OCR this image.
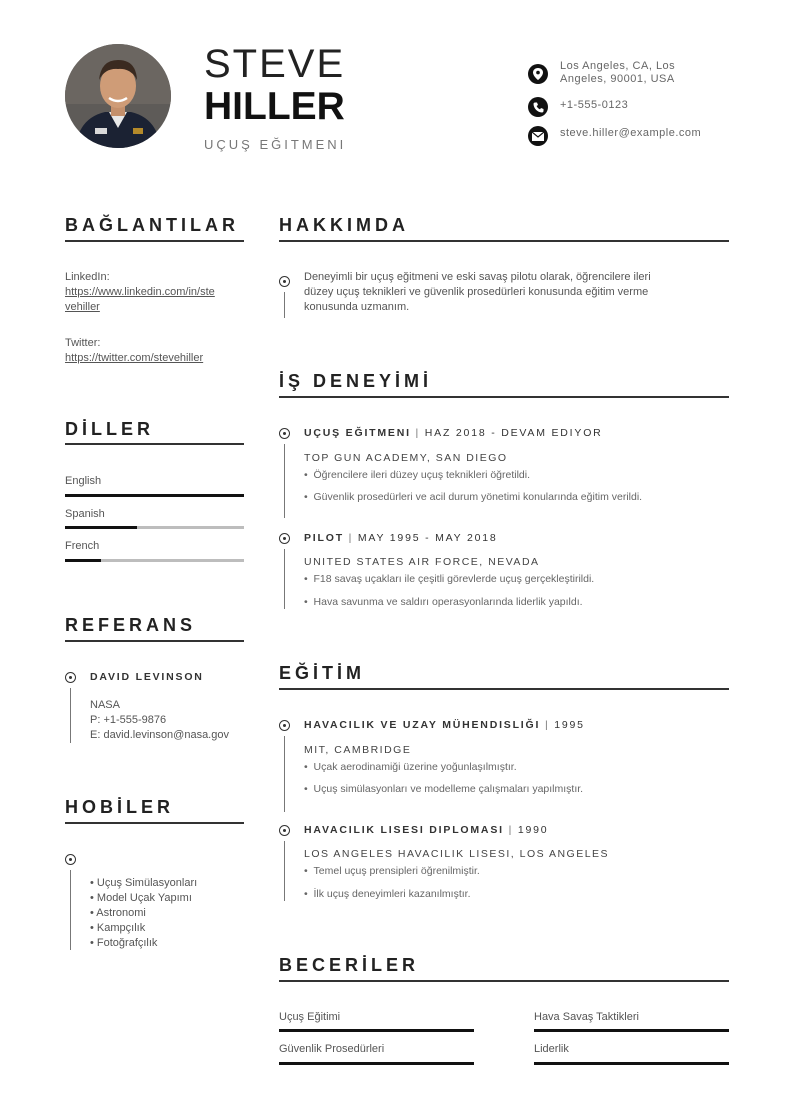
STEVE
HILLER
UÇUŞ EĞITMENI
Los Angeles, CA, Los
Angeles, 90001, USA
+1-555-0123
steve.hiller@example.com
BAĞLANTILAR
LinkedIn:
https://www.linkedin.com/in/ste
vehiller
Twitter:
https://twitter.com/stevehiller
DİLLER
English
Spanish
French
REFERANS
DAVID LEVINSON
NASA
P: +1-555-9876
E: david.levinson@nasa.gov
HOBİLER
• Uçuş Simülasyonları
• Model Uçak Yapımı
• Astronomi
• Kampçılık
• Fotoğrafçılık
HAKKIMDA
Deneyimli bir uçuş eğitmeni ve eski savaş pilotu olarak, öğrencilere ileri
düzey uçuş teknikleri ve güvenlik prosedürleri konusunda eğitim verme
konusunda uzmanım.
İŞ DENEYİMİ
UÇUŞ EĞITMENI | HAZ 2018 - DEVAM EDIYOR
TOP GUN ACADEMY, SAN DIEGO
•  Öğrencilere ileri düzey uçuş teknikleri öğretildi.
•  Güvenlik prosedürleri ve acil durum yönetimi konularında eğitim verildi.
PILOT | MAY 1995 - MAY 2018
UNITED STATES AIR FORCE, NEVADA
•  F18 savaş uçakları ile çeşitli görevlerde uçuş gerçekleştirildi.
•  Hava savunma ve saldırı operasyonlarında liderlik yapıldı.
EĞİTİM
HAVACILIK VE UZAY MÜHENDISLIĞI | 1995
MIT, CAMBRIDGE
•  Uçak aerodinamiği üzerine yoğunlaşılmıştır.
•  Uçuş simülasyonları ve modelleme çalışmaları yapılmıştır.
HAVACILIK LISESI DIPLOMASI | 1990
LOS ANGELES HAVACILIK LISESI, LOS ANGELES
•  Temel uçuş prensipleri öğrenilmiştir.
•  İlk uçuş deneyimleri kazanılmıştır.
BECERİLER
Uçuş Eğitimi	Hava Savaş Taktikleri
Güvenlik Prosedürleri	Liderlik
